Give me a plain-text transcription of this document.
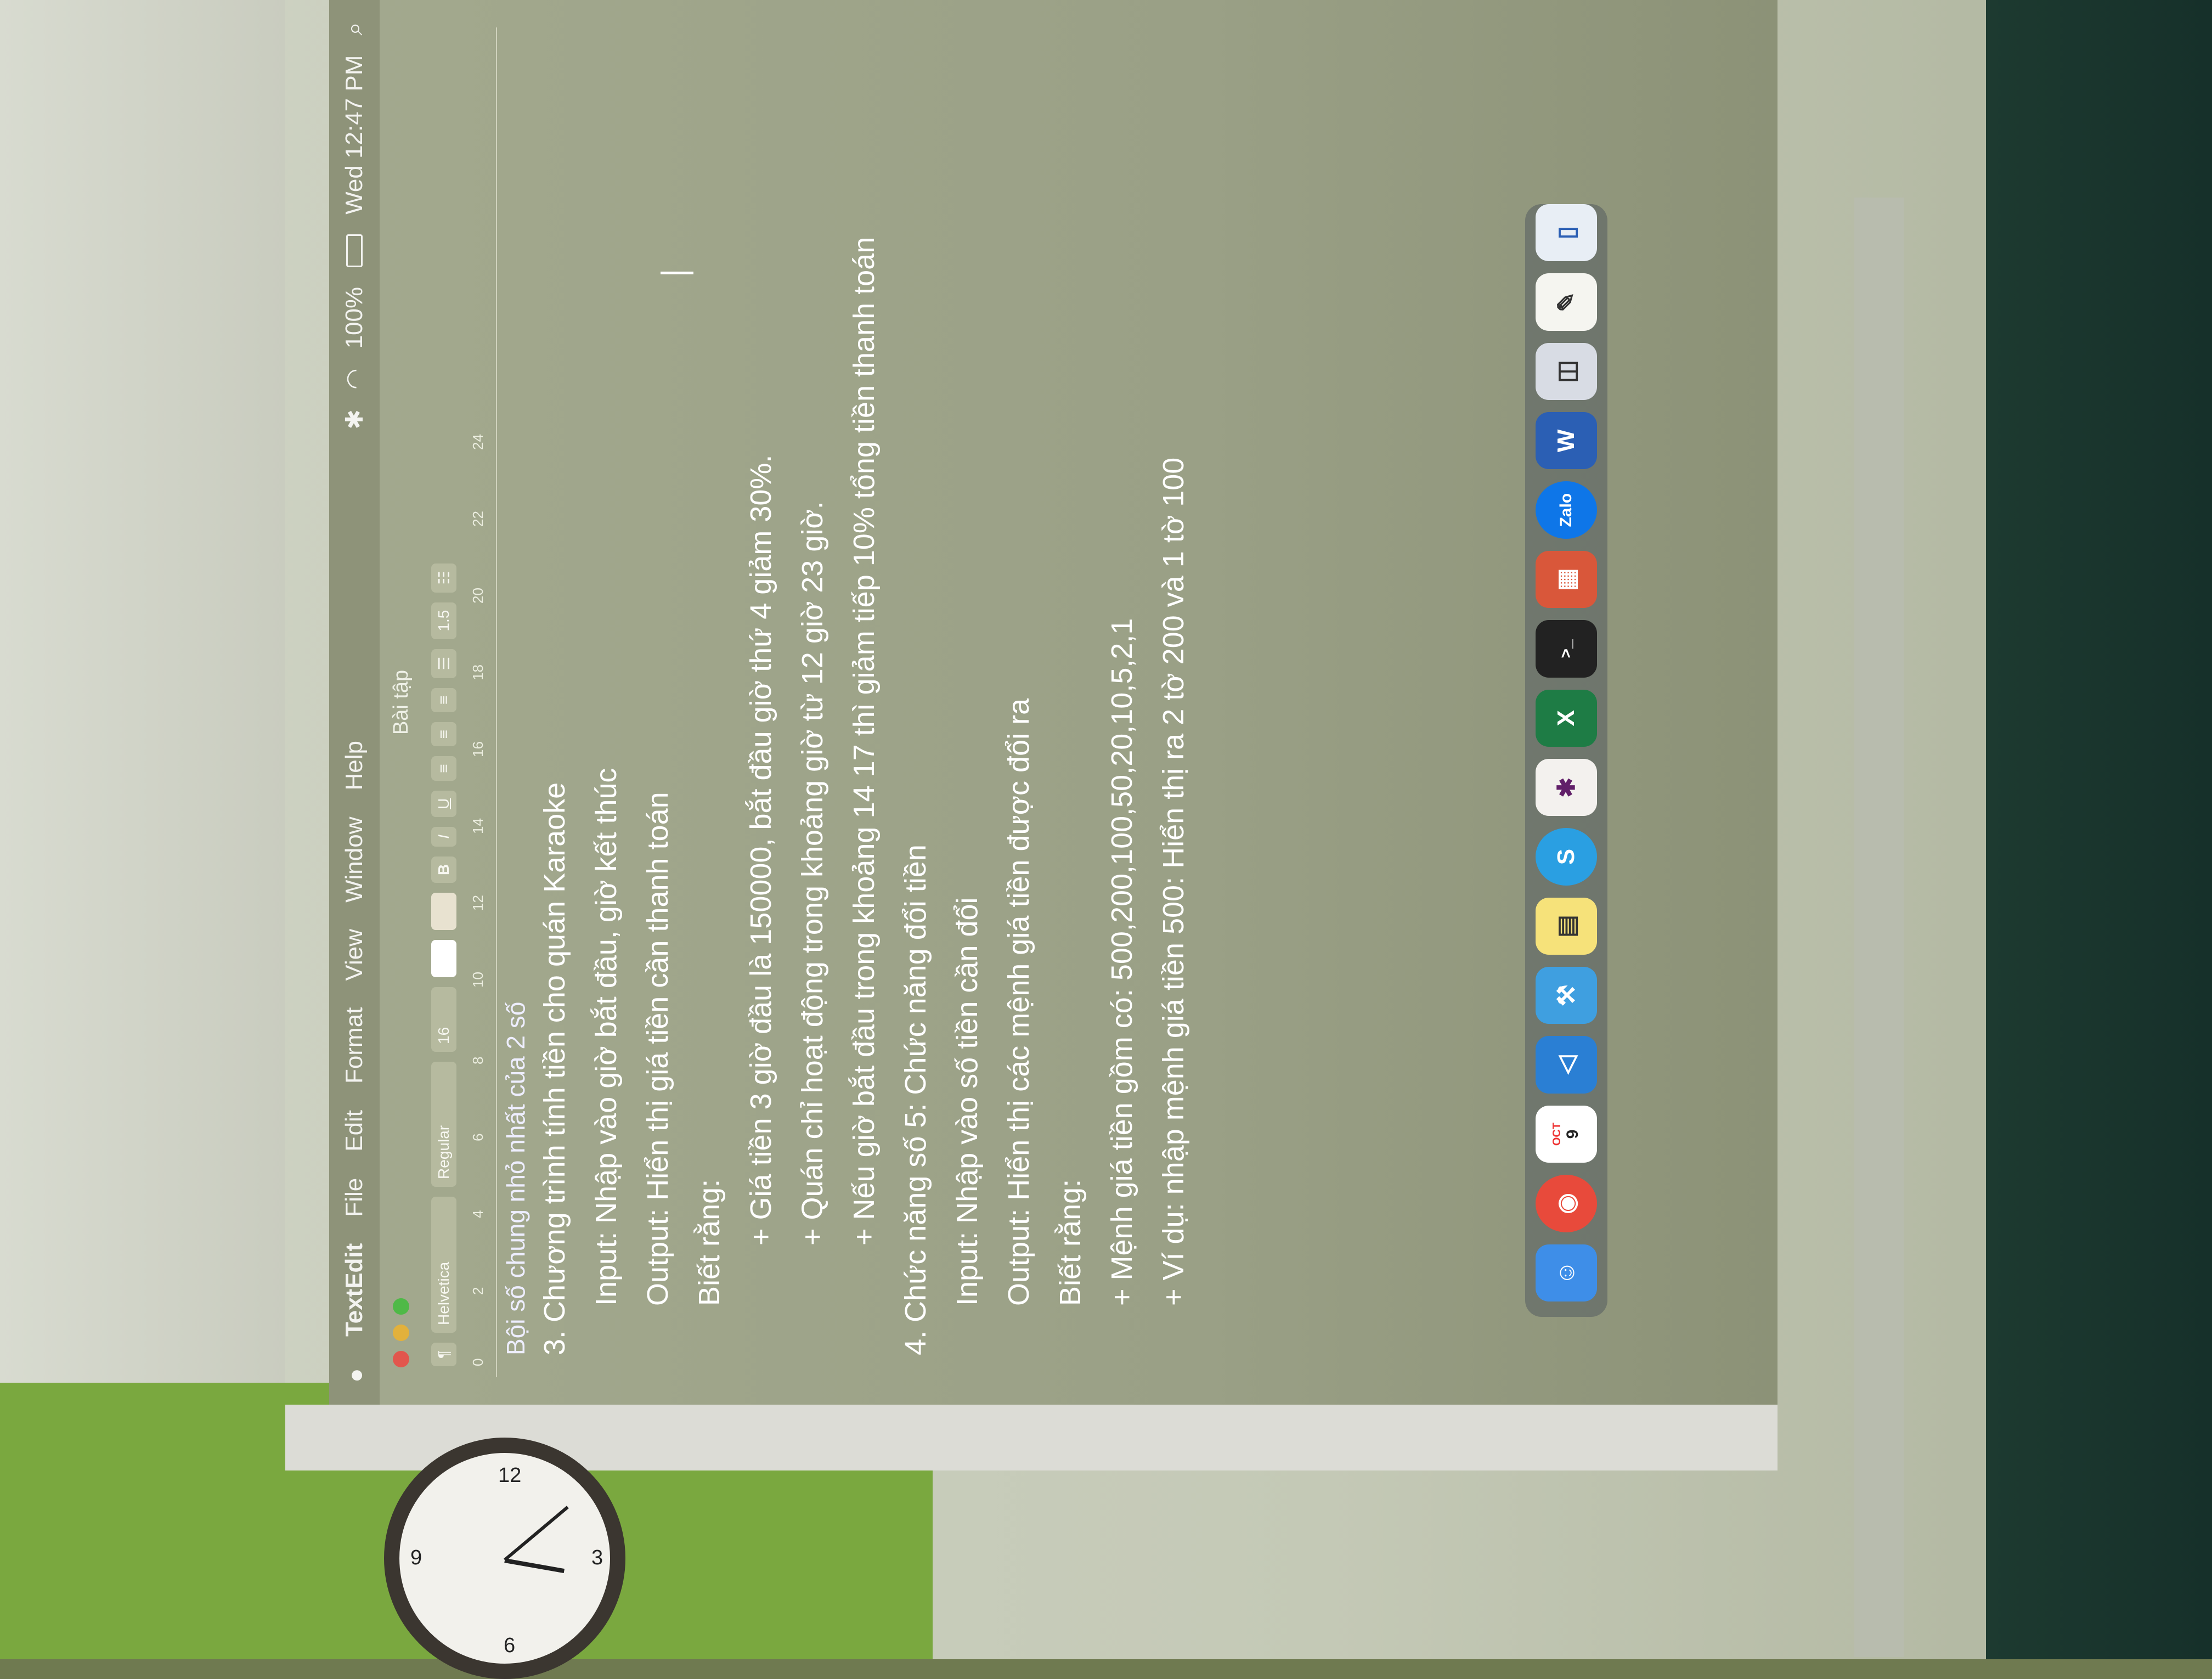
12
3
6
9
●
TextEdit
File
Edit
Format
View
Window
Help
✱
◠
100%
Wed 12:47 PM
⌕
Bài tập
¶
Helvetica
Regular
16
B
I
U
≡
≡
≡
☰
1.5
☷
0
2
4
6
8
10
12
14
16
18
20
22
24
Bội số chung nhỏ nhất của 2 số 3. Chương trình tính tiền cho quán Karaoke Input: Nhập vào giờ bắt đầu, giờ kết thúc Output: Hiển thị giá tiền cần thanh toán Biết rằng: + Giá tiền 3 giờ đầu là 150000, bắt đầu giờ thứ 4 giảm 30%. + Quán chỉ hoạt động trong khoảng giờ từ 12 giờ 23 giờ. + Nếu giờ bắt đầu trong khoảng 14 17 thì giảm tiếp 10% tổng tiền thanh toán 4. Chức năng số 5: Chức năng đổi tiền Input: Nhập vào số tiền cần đổi Output: Hiển thị các mệnh giá tiền được đổi ra Biết rằng: + Mệnh giá tiền gồm có: 500,200,100,50,20,10,5,2,1 + Ví dụ: nhập mệnh giá tiền 500: Hiển thị ra 2 tờ 200 và 1 tờ 100	☺
◉
OCT 9
◁
⚒
▤
S
✱
X
>_
▦
Zalo
W
◫
✎
▯
